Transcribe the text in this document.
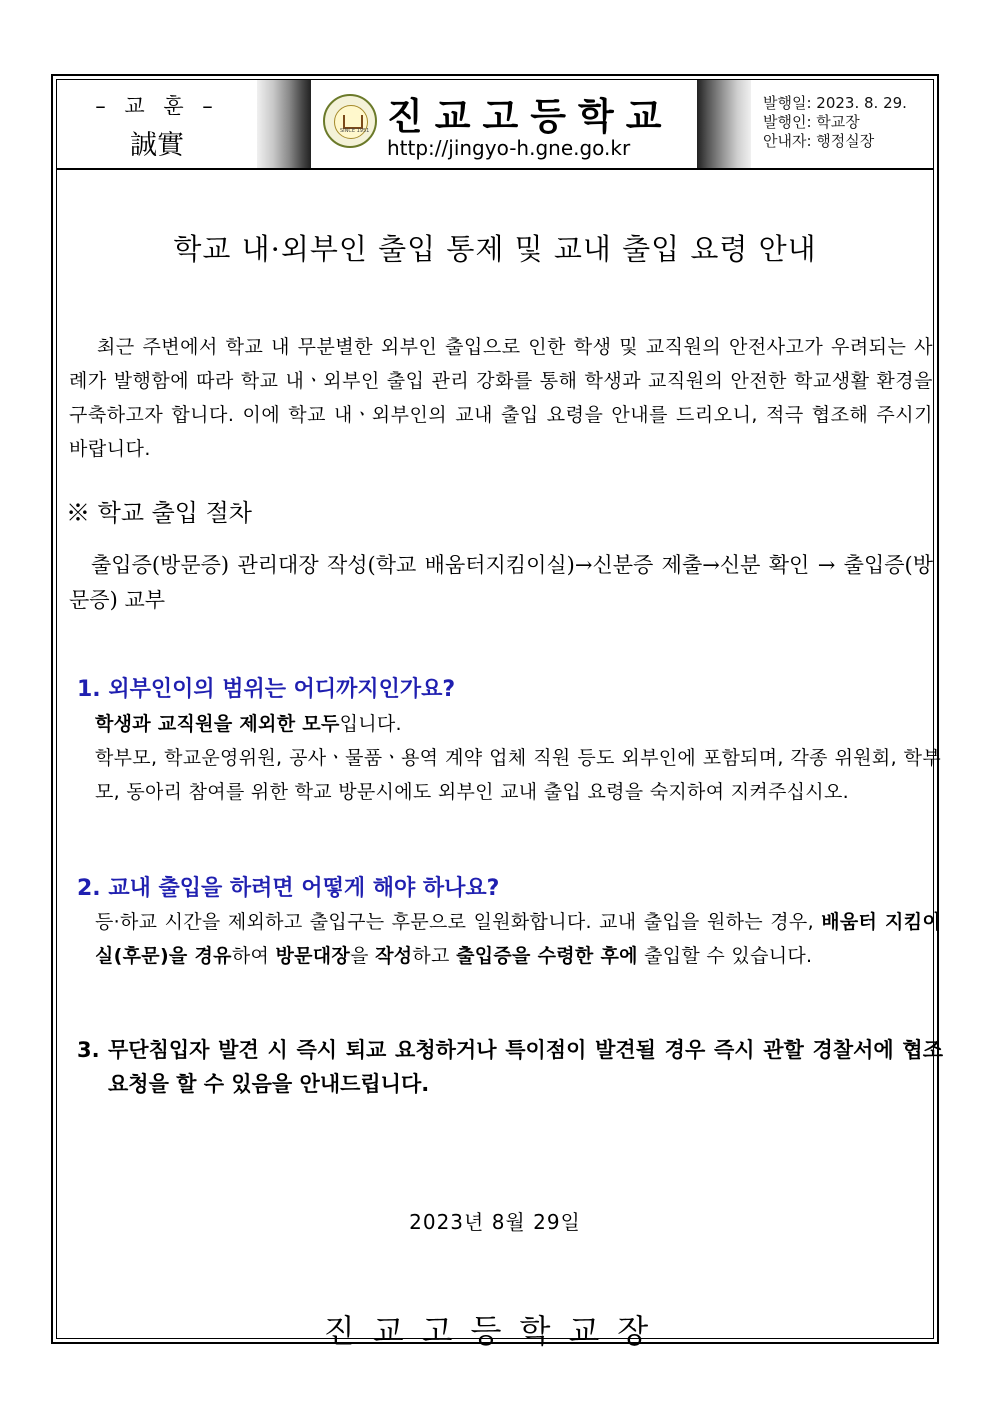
– 교 훈 –
誠實	SINCE 1951 진교고등학교
http://jingyo-h.gne.go.kr
발행일: 2023. 8. 29.
발행인: 학교장
안내자: 행정실장
학교 내·외부인 출입 통제 및 교내 출입 요령 안내
최근 주변에서 학교 내 무분별한 외부인 출입으로 인한 학생 및 교직원의 안전사고가 우려되는 사례가 발행함에 따라 학교 내ㆍ외부인 출입 관리 강화를 통해 학생과 교직원의 안전한 학교생활 환경을 구축하고자 합니다. 이에 학교 내ㆍ외부인의 교내 출입 요령을 안내를 드리오니, 적극 협조해 주시기 바랍니다.
※ 학교 출입 절차
출입증(방문증) 관리대장 작성(학교 배움터지킴이실)→신분증 제출→신분 확인 → 출입증(방문증) 교부
1. 외부인이의 범위는 어디까지인가요?
학생과 교직원을 제외한 모두입니다.
학부모, 학교운영위원, 공사ㆍ물품ㆍ용역 계약 업체 직원 등도 외부인에 포함되며, 각종 위원회, 학부모, 동아리 참여를 위한 학교 방문시에도 외부인 교내 출입 요령을 숙지하여 지켜주십시오.
2. 교내 출입을 하려면 어떻게 해야 하나요?
등·하교 시간을 제외하고 출입구는 후문으로 일원화합니다. 교내 출입을 원하는 경우, 배움터 지킴이실(후문)을 경유하여 방문대장을 작성하고 출입증을 수령한 후에 출입할 수 있습니다.
3. 무단침입자 발견 시 즉시 퇴교 요청하거나 특이점이 발견될 경우 즉시 관할 경찰서에 협조 요청을 할 수 있음을 안내드립니다.
2023년 8월 29일
진교고등학교장
